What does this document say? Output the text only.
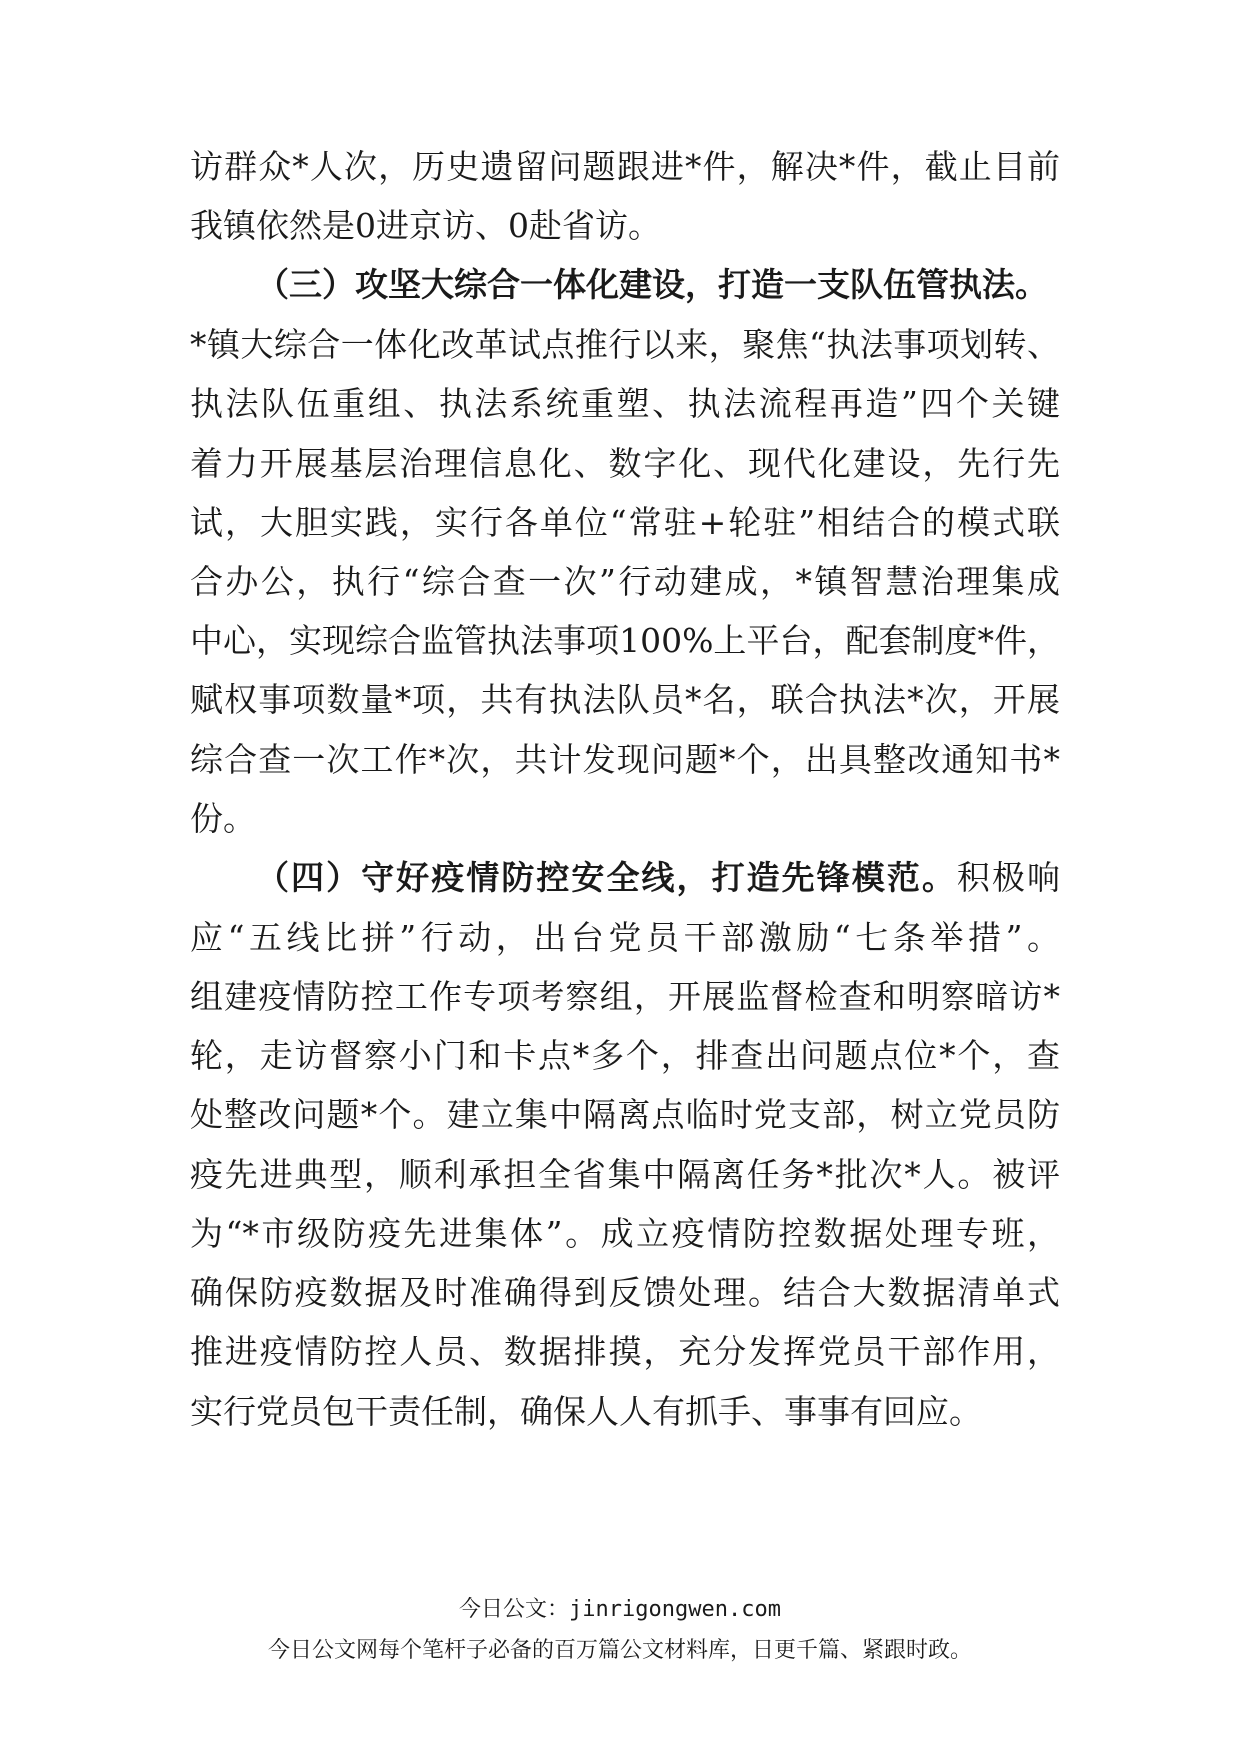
访群众*人次，历史遗留问题跟进*件，解决*件，截止目前
我镇依然是0进京访、0赴省访。
（三）攻坚大综合一体化建设，打造一支队伍管执法。
*镇大综合一体化改革试点推行以来，聚焦“执法事项划转、
执法队伍重组、执法系统重塑、执法流程再造”四个关键
着力开展基层治理信息化、数字化、现代化建设，先行先
试，大胆实践，实行各单位“常驻+轮驻”相结合的模式联
合办公，执行“综合查一次”行动建成，*镇智慧治理集成
中心，实现综合监管执法事项100%上平台，配套制度*件，
赋权事项数量*项，共有执法队员*名，联合执法*次，开展
综合查一次工作*次，共计发现问题*个，出具整改通知书*
份。
（四）守好疫情防控安全线，打造先锋模范。积极响
应“五线比拼”行动，出台党员干部激励“七条举措”。
组建疫情防控工作专项考察组，开展监督检查和明察暗访*
轮，走访督察小门和卡点*多个，排查出问题点位*个，查
处整改问题*个。建立集中隔离点临时党支部，树立党员防
疫先进典型，顺利承担全省集中隔离任务*批次*人。被评
为“*市级防疫先进集体”。成立疫情防控数据处理专班，
确保防疫数据及时准确得到反馈处理。结合大数据清单式
推进疫情防控人员、数据排摸，充分发挥党员干部作用，
实行党员包干责任制，确保人人有抓手、事事有回应。
今日公文：jinrigongwen.com
今日公文网每个笔杆子必备的百万篇公文材料库，日更千篇、紧跟时政。
